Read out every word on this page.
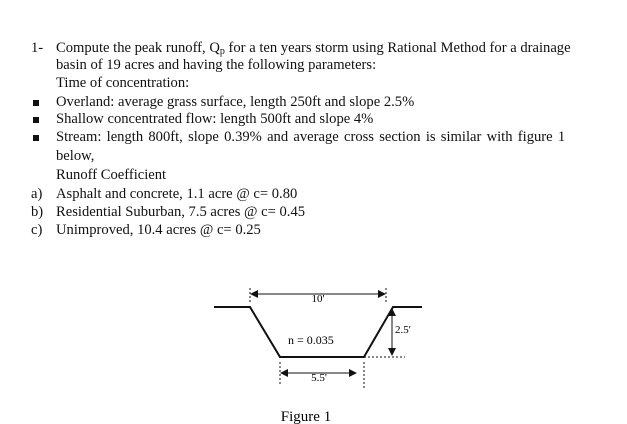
1- Compute the peak runoff, $Q_p$ for a ten years storm using Rational Method for a drainage
basin of 19 acres and having the following parameters:
Time of concentration:
Overland: average grass surface, length 250ft and slope 2.5%
Shallow concentrated flow: length 500ft and slope 4%
Stream: length 800ft, slope 0.39% and average cross section is similar with figure 1
below,
Runoff Coefficient
a) Asphalt and concrete, 1.1 acre @ c= 0.80
b) Residential Suburban, 7.5 acres @ c= 0.45
c) Unimproved, 10.4 acres @ c= 0.25
10'
2.5'
n = 0.035
5.5'
Figure 1
